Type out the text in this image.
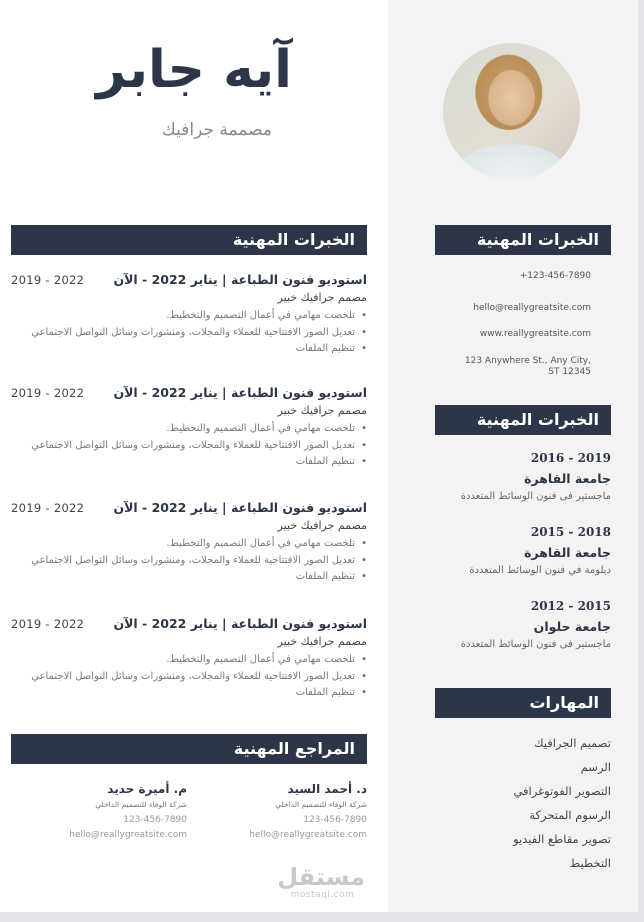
آيه جابر
مصممة جرافيك
الخبرات المهنية
+123-456-7890
hello@reallygreatsite.com
www.reallygreatsite.com
123 Anywhere St., Any City,
ST 12345
الخبرات المهنية
2016 - 2019
جامعة القاهرة
ماجستير فى فنون الوسائط المتعددة
2015 - 2018
جامعة القاهرة
دبلومة في فنون الوسائط المتعددة
2012 - 2015
جامعة حلوان
ماجستير فى فنون الوسائط المتعددة
المهارات
تصميم الجرافيك
الرسم
التصوير الفوتوغرافي
الرسوم المتحركة
تصوير مقاطع الفيديو
التخطيط
الخبرات المهنية
استوديو فنون الطباعة | يناير 2022 - الآن
2019 - 2022
مصمم جرافيك خبير
• تلخصت مهامي في أعمال التصميم والتخطيط.
• تعديل الصور الافتتاحية للعملاء والمجلات، ومنشورات وسائل التواصل الاجتماعي
• تنظيم الملفات
استوديو فنون الطباعة | يناير 2022 - الآن
2019 - 2022
مصمم جرافيك خبير
• تلخصت مهامي في أعمال التصميم والتخطيط.
• تعديل الصور الافتتاحية للعملاء والمجلات، ومنشورات وسائل التواصل الاجتماعي
• تنظيم الملفات
استوديو فنون الطباعة | يناير 2022 - الآن
2019 - 2022
مصمم جرافيك خبير
• تلخصت مهامي في أعمال التصميم والتخطيط.
• تعديل الصور الافتتاحية للعملاء والمجلات، ومنشورات وسائل التواصل الاجتماعي
• تنظيم الملفات
استوديو فنون الطباعة | يناير 2022 - الآن
2019 - 2022
مصمم جرافيك خبير
• تلخصت مهامي في أعمال التصميم والتخطيط.
• تعديل الصور الافتتاحية للعملاء والمجلات، ومنشورات وسائل التواصل الاجتماعي
• تنظيم الملفات
المراجع المهنية
د. أحمد السيد
شركة الوفاء للتصميم الداخلي
123-456-7890
hello@reallygreatsite.com
م. أميرة حديد
شركة الوفاء للتصميم الداخلي
123-456-7890
hello@reallygreatsite.com
مستقل
mostaql.com
